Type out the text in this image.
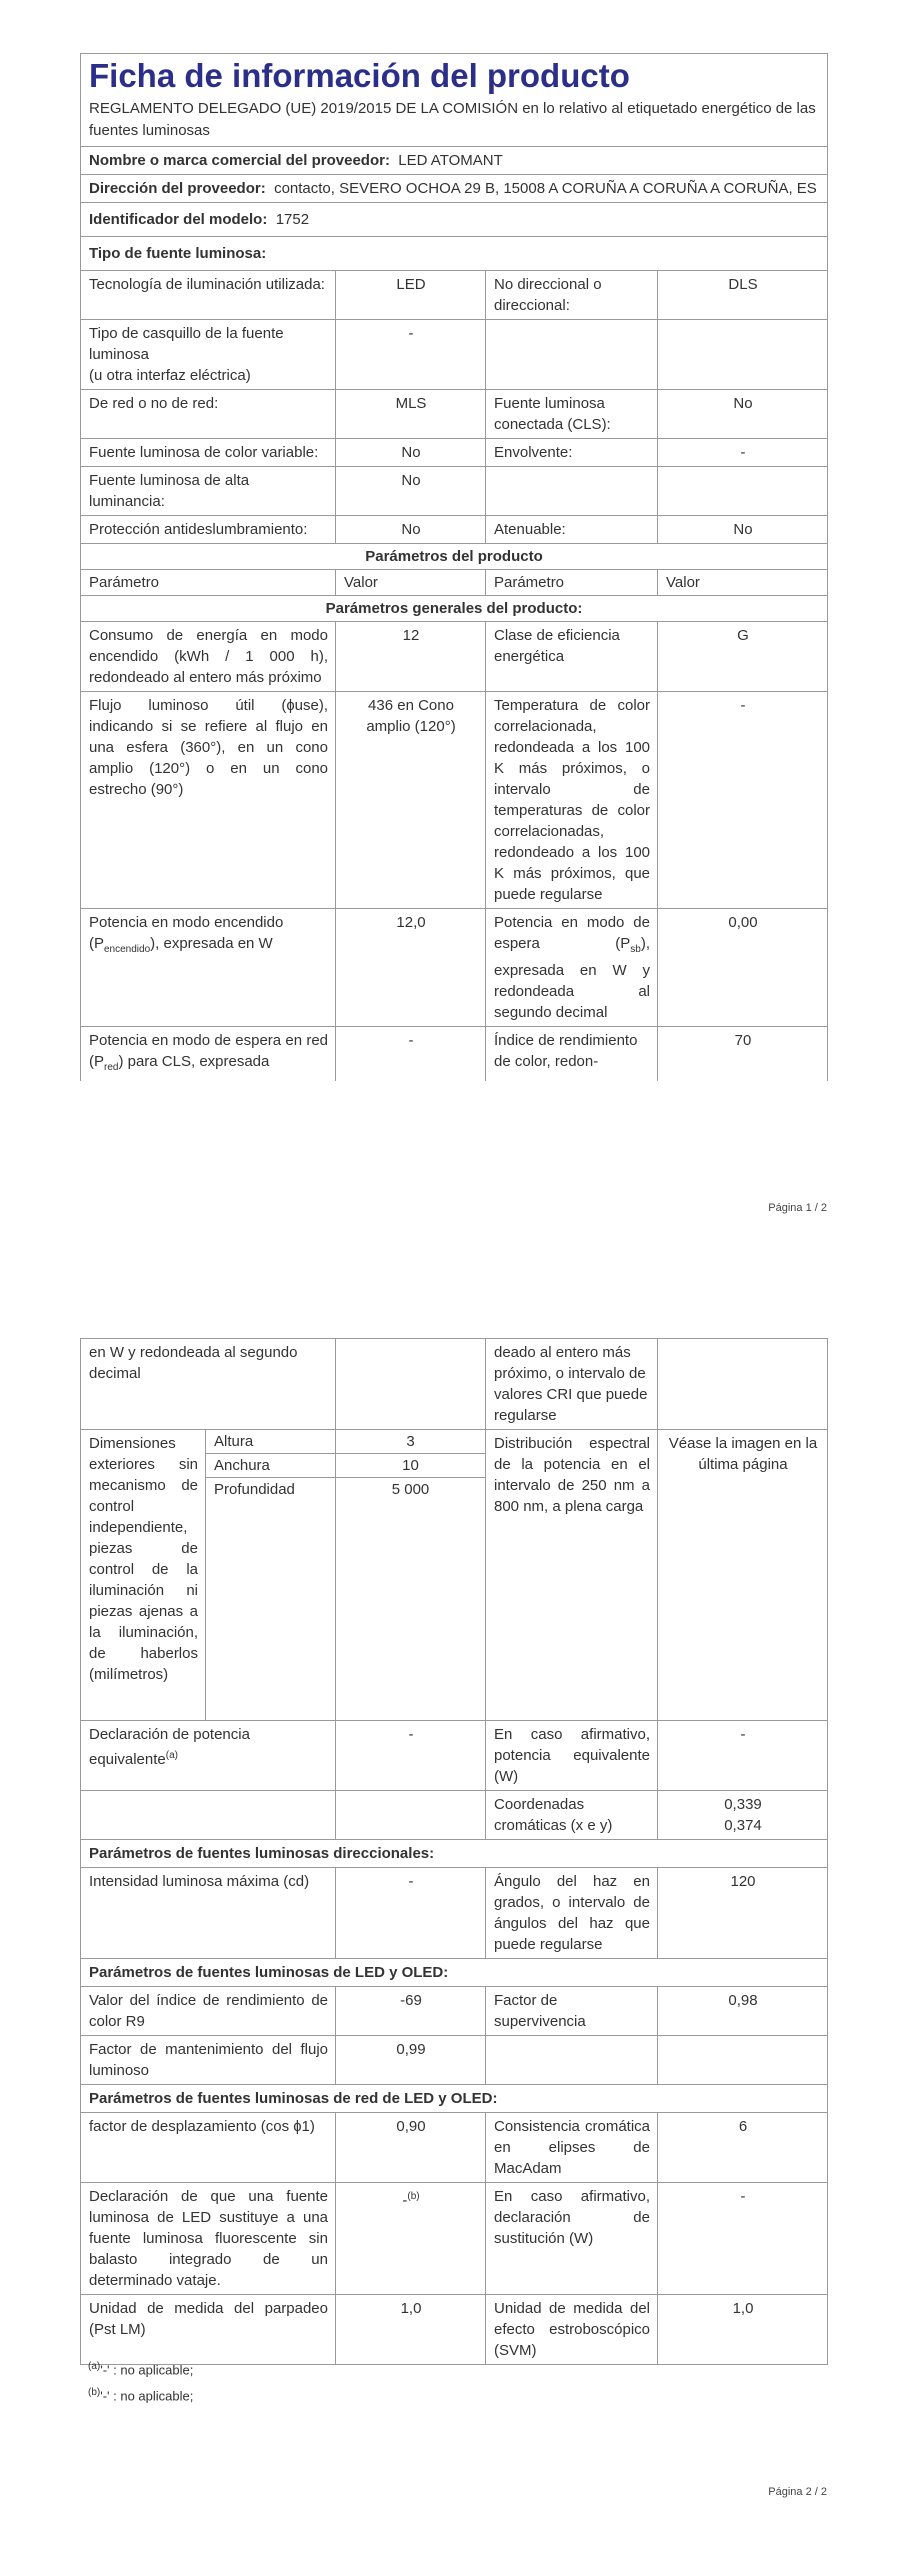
Ficha de información del producto
REGLAMENTO DELEGADO (UE) 2019/2015 DE LA COMISIÓN en lo relativo al etiquetado energético de las fuentes luminosas			

Nombre o marca comercial del proveedor: LED ATOMANT			
Dirección del proveedor: contacto, SEVERO OCHOA 29 B, 15008 A CORUÑA A CORUÑA A CORUÑA, ES			
Identificador del modelo: 1752			
Tipo de fuente luminosa:			
Tecnología de iluminación utilizada:	LED	No direccional o direccional:	DLS

Tipo de casquillo de la fuente luminosa
(u otra interfaz eléctrica)	-		
De red o no de red:	MLS	Fuente luminosa conectada (CLS):	No
Fuente luminosa de color variable:	No	Envolvente:	-
Fuente luminosa de alta luminancia:	No		
Protección antideslumbramiento:	No	Atenuable:	No
Parámetros del producto			
Parámetro	Valor	Parámetro	Valor
Parámetros generales del producto:			
Consumo de energía en modo encendido (kWh / 1 000 h), redondeado al entero más próximo	12	Clase de eficiencia energética	G
Flujo luminoso útil (ɸuse), indicando si se refiere al flujo en una esfera (360°), en un cono amplio (120°) o en un cono estrecho (90°)	436 en Cono amplio (120°)	Temperatura de color correlacionada, redondeada a los 100 K más próximos, o intervalo de temperaturas de color correlacionadas, redondeado a los 100 K más próximos, que puede regularse	-
Potencia en modo encendido $(P_{encendido})$, expresada en W	12,0	Potencia en modo de espera $(P_{sb})$, expresada en W y redondeada al segundo decimal	0,00
Potencia en modo de espera en red $(P_{red})$ para CLS, expresada	-	Índice de rendimiento de color, redon-	70
Página 1 / 2
en W y redondeada al segundo decimal			deado al entero más próximo, o intervalo de valores CRI que puede regularse	
Dimensiones exteriores sin mecanismo de control independiente, piezas de control de la iluminación ni piezas ajenas a la iluminación, de haberlos (milímetros)	Altura	3	Distribución espectral de la potencia en el intervalo de 250 nm a 800 nm, a plena carga	Véase la imagen en la última página
	Anchura	10		
	Profundidad	5 000		
Declaración de potencia equivalente$^{(a)}$		-	En caso afirmativo, potencia equivalente (W)	-
			Coordenadas cromáticas (x e y)	0,339
0,374

Parámetros de fuentes luminosas direccionales:				
Intensidad luminosa máxima (cd)		-	Ángulo del haz en grados, o intervalo de ángulos del haz que puede regularse	120
Parámetros de fuentes luminosas de LED y OLED:				
Valor del índice de rendimiento de color R9		-69	Factor de supervivencia	0,98
Factor de mantenimiento del flujo luminoso		0,99		
Parámetros de fuentes luminosas de red de LED y OLED:				
factor de desplazamiento (cos ɸ1)		0,90	Consistencia cromática en elipses de MacAdam	6
Declaración de que una fuente luminosa de LED sustituye a una fuente luminosa fluorescente sin balasto integrado de un determinado vataje.		-$^{(b)}$	En caso afirmativo, declaración de sustitución (W)	-
Unidad de medida del parpadeo (Pst LM)		1,0	Unidad de medida del efecto estroboscópico (SVM)	1,0
$^{(a)}$'-' : no aplicable;
$^{(b)}$'-' : no aplicable;
Página 2 / 2
